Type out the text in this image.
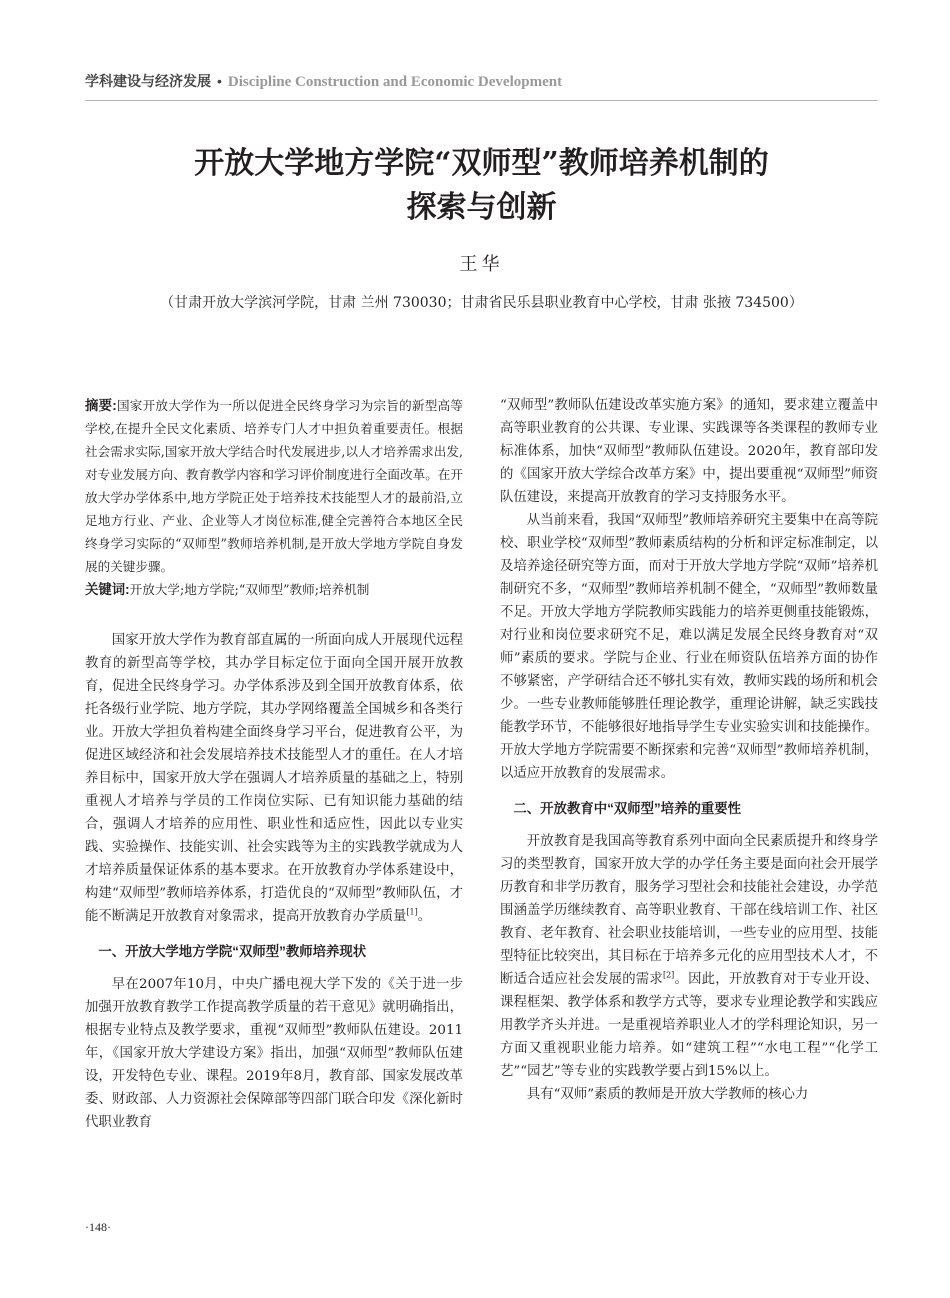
学科建设与经济发展 • Discipline Construction and Economic Development
开放大学地方学院“双师型”教师培养机制的
探索与创新

王华

（甘肃开放大学滨河学院，甘肃 兰州 730030；甘肃省民乐县职业教育中心学校，甘肃 张掖 734500）

摘要:国家开放大学作为一所以促进全民终身学习为宗旨的新型高等学校,在提升全民文化素质、培养专门人才中担负着重要责任。根据社会需求实际,国家开放大学结合时代发展进步,以人才培养需求出发,对专业发展方向、教育教学内容和学习评价制度进行全面改革。在开放大学办学体系中,地方学院正处于培养技术技能型人才的最前沿,立足地方行业、产业、企业等人才岗位标准,健全完善符合本地区全民终身学习实际的“双师型”教师培养机制,是开放大学地方学院自身发展的关键步骤。

关键词:开放大学;地方学院;“双师型”教师;培养机制

国家开放大学作为教育部直属的一所面向成人开展现代远程教育的新型高等学校，其办学目标定位于面向全国开展开放教育，促进全民终身学习。办学体系涉及到全国开放教育体系，依托各级行业学院、地方学院，其办学网络覆盖全国城乡和各类行业。开放大学担负着构建全面终身学习平台，促进教育公平，为促进区域经济和社会发展培养技术技能型人才的重任。在人才培养目标中，国家开放大学在强调人才培养质量的基础之上，特别重视人才培养与学员的工作岗位实际、已有知识能力基础的结合，强调人才培养的应用性、职业性和适应性，因此以专业实践、实验操作、技能实训、社会实践等为主的实践教学就成为人才培养质量保证体系的基本要求。在开放教育办学体系建设中，构建“双师型”教师培养体系，打造优良的“双师型”教师队伍，才能不断满足开放教育对象需求，提高开放教育办学质量[1]。

一、开放大学地方学院“双师型”教师培养现状

早在2007年10月，中央广播电视大学下发的《关于进一步加强开放教育教学工作提高教学质量的若干意见》就明确指出，根据专业特点及教学要求，重视“双师型”教师队伍建设。2011年，《国家开放大学建设方案》指出，加强“双师型”教师队伍建设，开发特色专业、课程。2019年8月，教育部、国家发展改革委、财政部、人力资源社会保障部等四部门联合印发《深化新时代职业教育

“双师型”教师队伍建设改革实施方案》的通知，要求建立覆盖中高等职业教育的公共课、专业课、实践课等各类课程的教师专业标准体系，加快“双师型”教师队伍建设。2020年，教育部印发的《国家开放大学综合改革方案》中，提出要重视“双师型”师资队伍建设，来提高开放教育的学习支持服务水平。

从当前来看，我国“双师型”教师培养研究主要集中在高等院校、职业学校“双师型”教师素质结构的分析和评定标准制定，以及培养途径研究等方面，而对于开放大学地方学院“双师”培养机制研究不多，“双师型”教师培养机制不健全，“双师型”教师数量不足。开放大学地方学院教师实践能力的培养更侧重技能锻炼，对行业和岗位要求研究不足，难以满足发展全民终身教育对“双师”素质的要求。学院与企业、行业在师资队伍培养方面的协作不够紧密，产学研结合还不够扎实有效，教师实践的场所和机会少。一些专业教师能够胜任理论教学，重理论讲解，缺乏实践技能教学环节，不能够很好地指导学生专业实验实训和技能操作。开放大学地方学院需要不断探索和完善“双师型”教师培养机制，以适应开放教育的发展需求。

二、开放教育中“双师型”培养的重要性

开放教育是我国高等教育系列中面向全民素质提升和终身学习的类型教育，国家开放大学的办学任务主要是面向社会开展学历教育和非学历教育，服务学习型社会和技能社会建设，办学范围涵盖学历继续教育、高等职业教育、干部在线培训工作、社区教育、老年教育、社会职业技能培训，一些专业的应用型、技能型特征比较突出，其目标在于培养多元化的应用型技术人才，不断适合适应社会发展的需求[2]。因此，开放教育对于专业开设、课程框架、教学体系和教学方式等，要求专业理论教学和实践应用教学齐头并进。一是重视培养职业人才的学科理论知识，另一方面又重视职业能力培养。如“建筑工程”“水电工程”“化学工艺”“园艺”等专业的实践教学要占到15%以上。

具有“双师”素质的教师是开放大学教师的核心力

·148·
